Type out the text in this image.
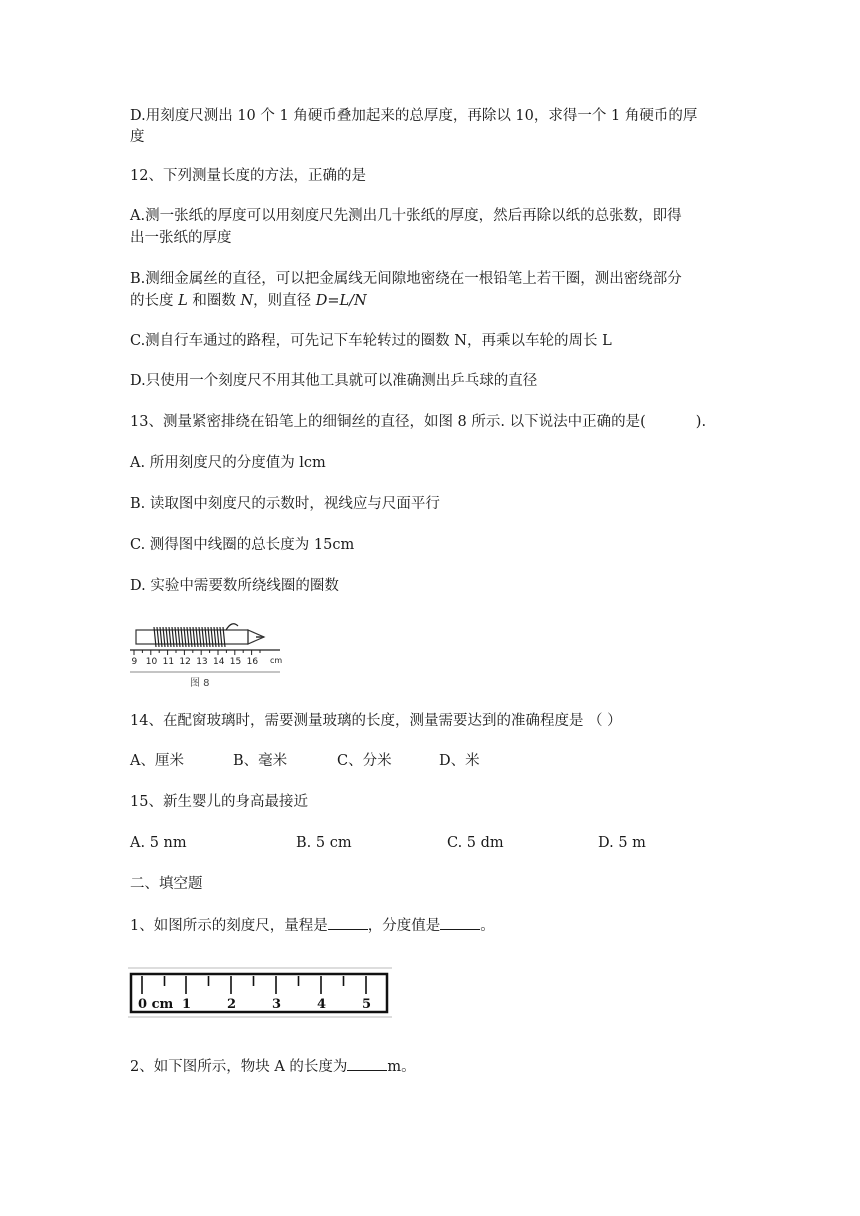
D.用刻度尺测出 10 个 1 角硬币叠加起来的总厚度，再除以 10，求得一个 1 角硬币的厚
度
12、下列测量长度的方法，正确的是
A.测一张纸的厚度可以用刻度尺先测出几十张纸的厚度，然后再除以纸的总张数，即得
出一张纸的厚度
B.测细金属丝的直径，可以把金属线无间隙地密绕在一根铅笔上若干圈，测出密绕部分
的长度 L 和圈数 N，则直径 D=L/N
C.测自行车通过的路程，可先记下车轮转过的圈数 N，再乘以车轮的周长 L
D.只使用一个刻度尺不用其他工具就可以准确测出乒乓球的直径
13、测量紧密排绕在铅笔上的细铜丝的直径，如图 8 所示. 以下说法中正确的是(	).
A. 所用刻度尺的分度值为 lcm
B. 读取图中刻度尺的示数时，视线应与尺面平行
C. 测得图中线圈的总长度为 15cm
D. 实验中需要数所绕线圈的圈数
9 10 11 12 13 14 15 16 cm
图 8
14、在配窗玻璃时，需要测量玻璃的长度，测量需要达到的准确程度是 （ ）
A、厘米	B、毫米	C、分米	D、米
15、新生婴儿的身高最接近
A. 5 nm	B. 5 cm	C. 5 dm	D. 5 m
二、填空题
1、如图所示的刻度尺，量程是	，分度值是	。
0 cm 1	2	3	4	5
2、如下图所示，物块 A 的长度为	m。
